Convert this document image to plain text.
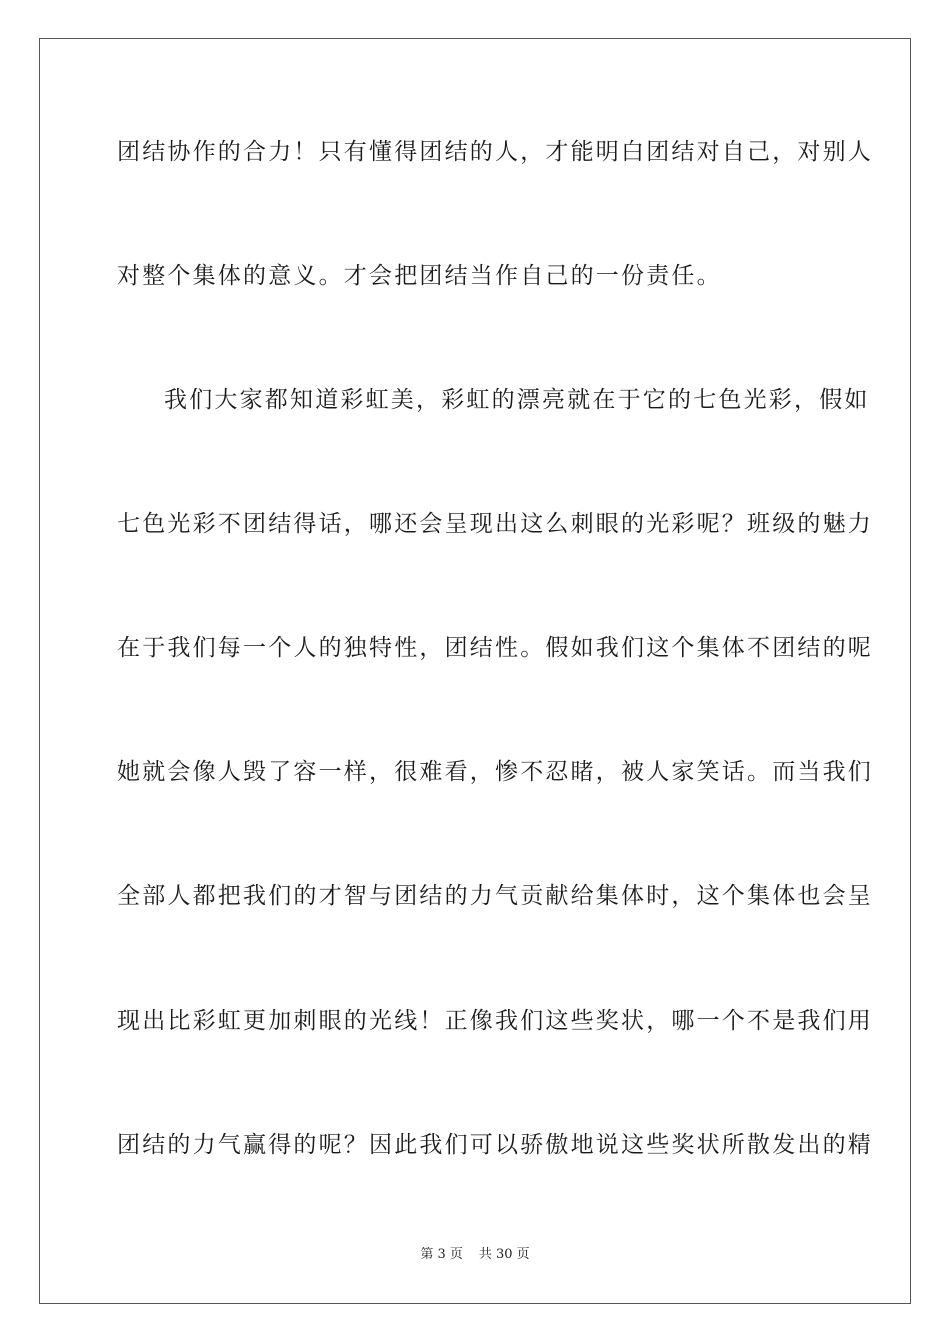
团结协作的合力！只有懂得团结的人，才能明白团结对自己，对别人
对整个集体的意义。才会把团结当作自己的一份责任。
我们大家都知道彩虹美，彩虹的漂亮就在于它的七色光彩，假如
七色光彩不团结得话，哪还会呈现出这么刺眼的光彩呢？班级的魅力
在于我们每一个人的独特性，团结性。假如我们这个集体不团结的呢
她就会像人毁了容一样，很难看，惨不忍睹，被人家笑话。而当我们
全部人都把我们的才智与团结的力气贡献给集体时，这个集体也会呈
现出比彩虹更加刺眼的光线！正像我们这些奖状，哪一个不是我们用
团结的力气赢得的呢？因此我们可以骄傲地说这些奖状所散发出的精
第 3 页 共 30 页
